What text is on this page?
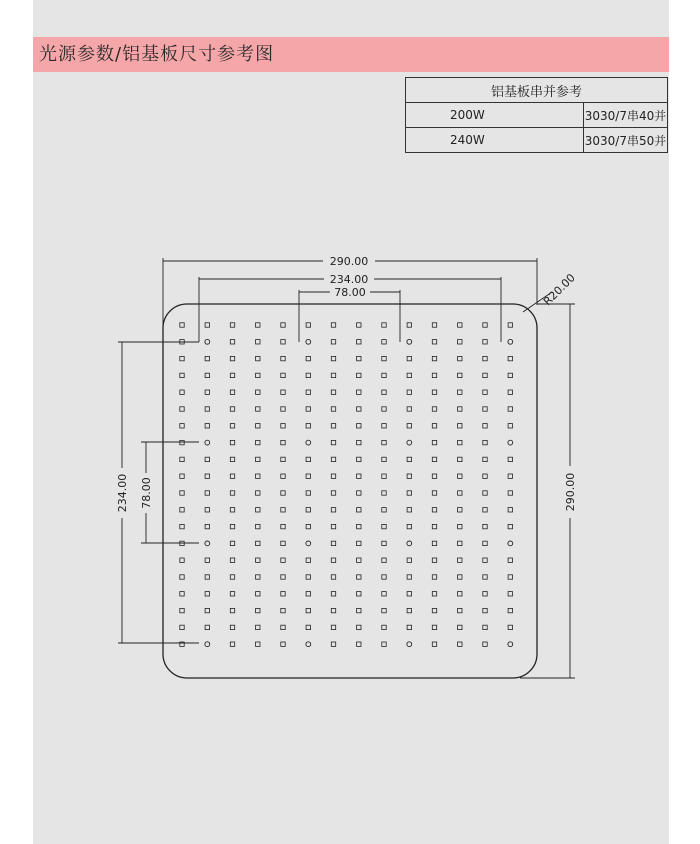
光源参数/铝基板尺寸参考图
铝基板串并参考	
200W	3030/7串40并
240W	3030/7串50并
290.00
234.00
78.00	R20.00
290.00
234.00 78.00
